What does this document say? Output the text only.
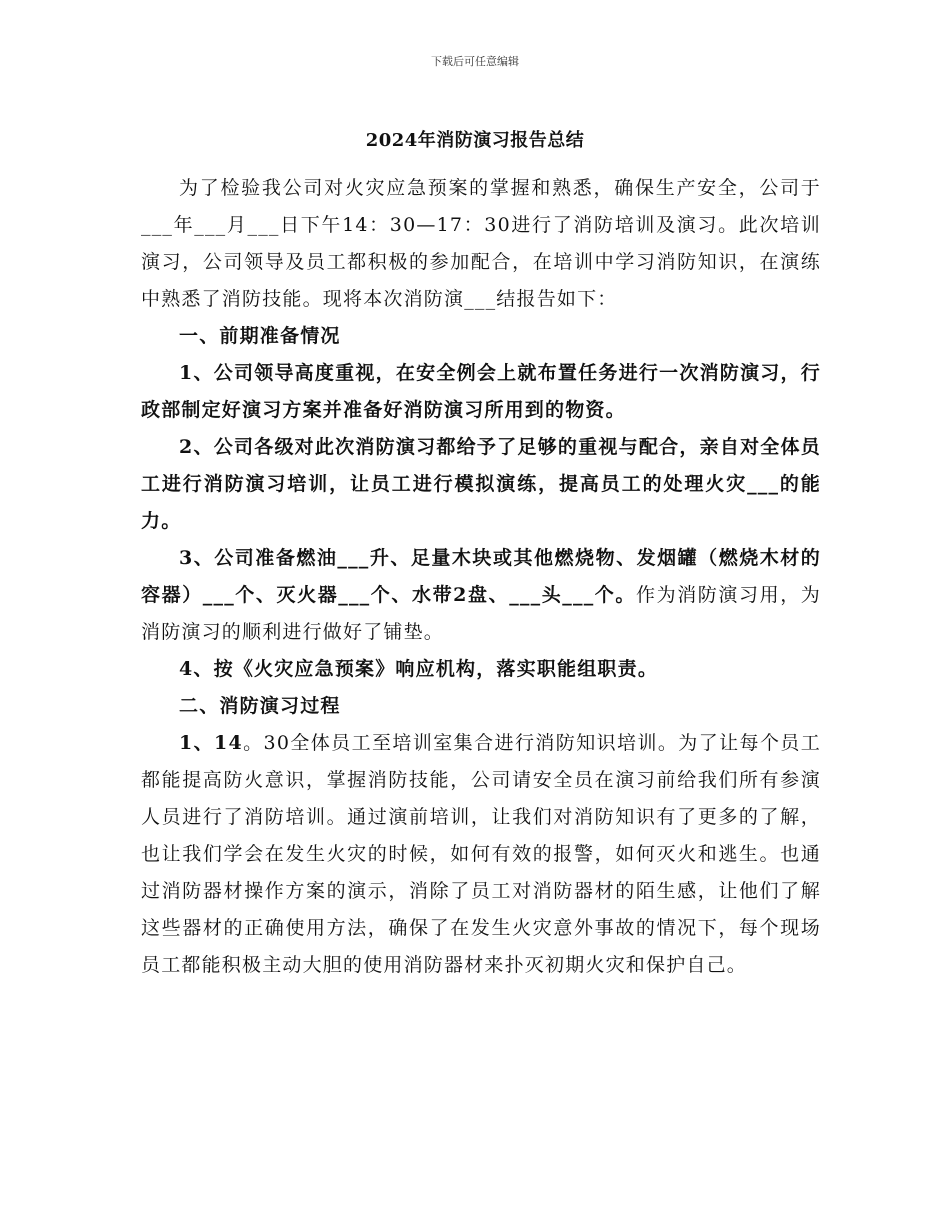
下载后可任意编辑
2024年消防演习报告总结

为了检验我公司对火灾应急预案的掌握和熟悉，确保生产安全，公司于___年___月___日下午14：30—17：30进行了消防培训及演习。此次培训演习，公司领导及员工都积极的参加配合，在培训中学习消防知识，在演练中熟悉了消防技能。现将本次消防演___结报告如下：

一、前期准备情况

1、公司领导高度重视，在安全例会上就布置任务进行一次消防演习，行政部制定好演习方案并准备好消防演习所用到的物资。

2、公司各级对此次消防演习都给予了足够的重视与配合，亲自对全体员工进行消防演习培训，让员工进行模拟演练，提高员工的处理火灾___的能力。

3、公司准备燃油___升、足量木块或其他燃烧物、发烟罐（燃烧木材的容器）___个、灭火器___个、水带2盘、___头___个。作为消防演习用，为消防演习的顺利进行做好了铺垫。

4、按《火灾应急预案》响应机构，落实职能组职责。

二、消防演习过程

1、14。30全体员工至培训室集合进行消防知识培训。为了让每个员工都能提高防火意识，掌握消防技能，公司请安全员在演习前给我们所有参演人员进行了消防培训。通过演前培训，让我们对消防知识有了更多的了解，也让我们学会在发生火灾的时候，如何有效的报警，如何灭火和逃生。也通过消防器材操作方案的演示，消除了员工对消防器材的陌生感，让他们了解这些器材的正确使用方法，确保了在发生火灾意外事故的情况下，每个现场员工都能积极主动大胆的使用消防器材来扑灭初期火灾和保护自己。
